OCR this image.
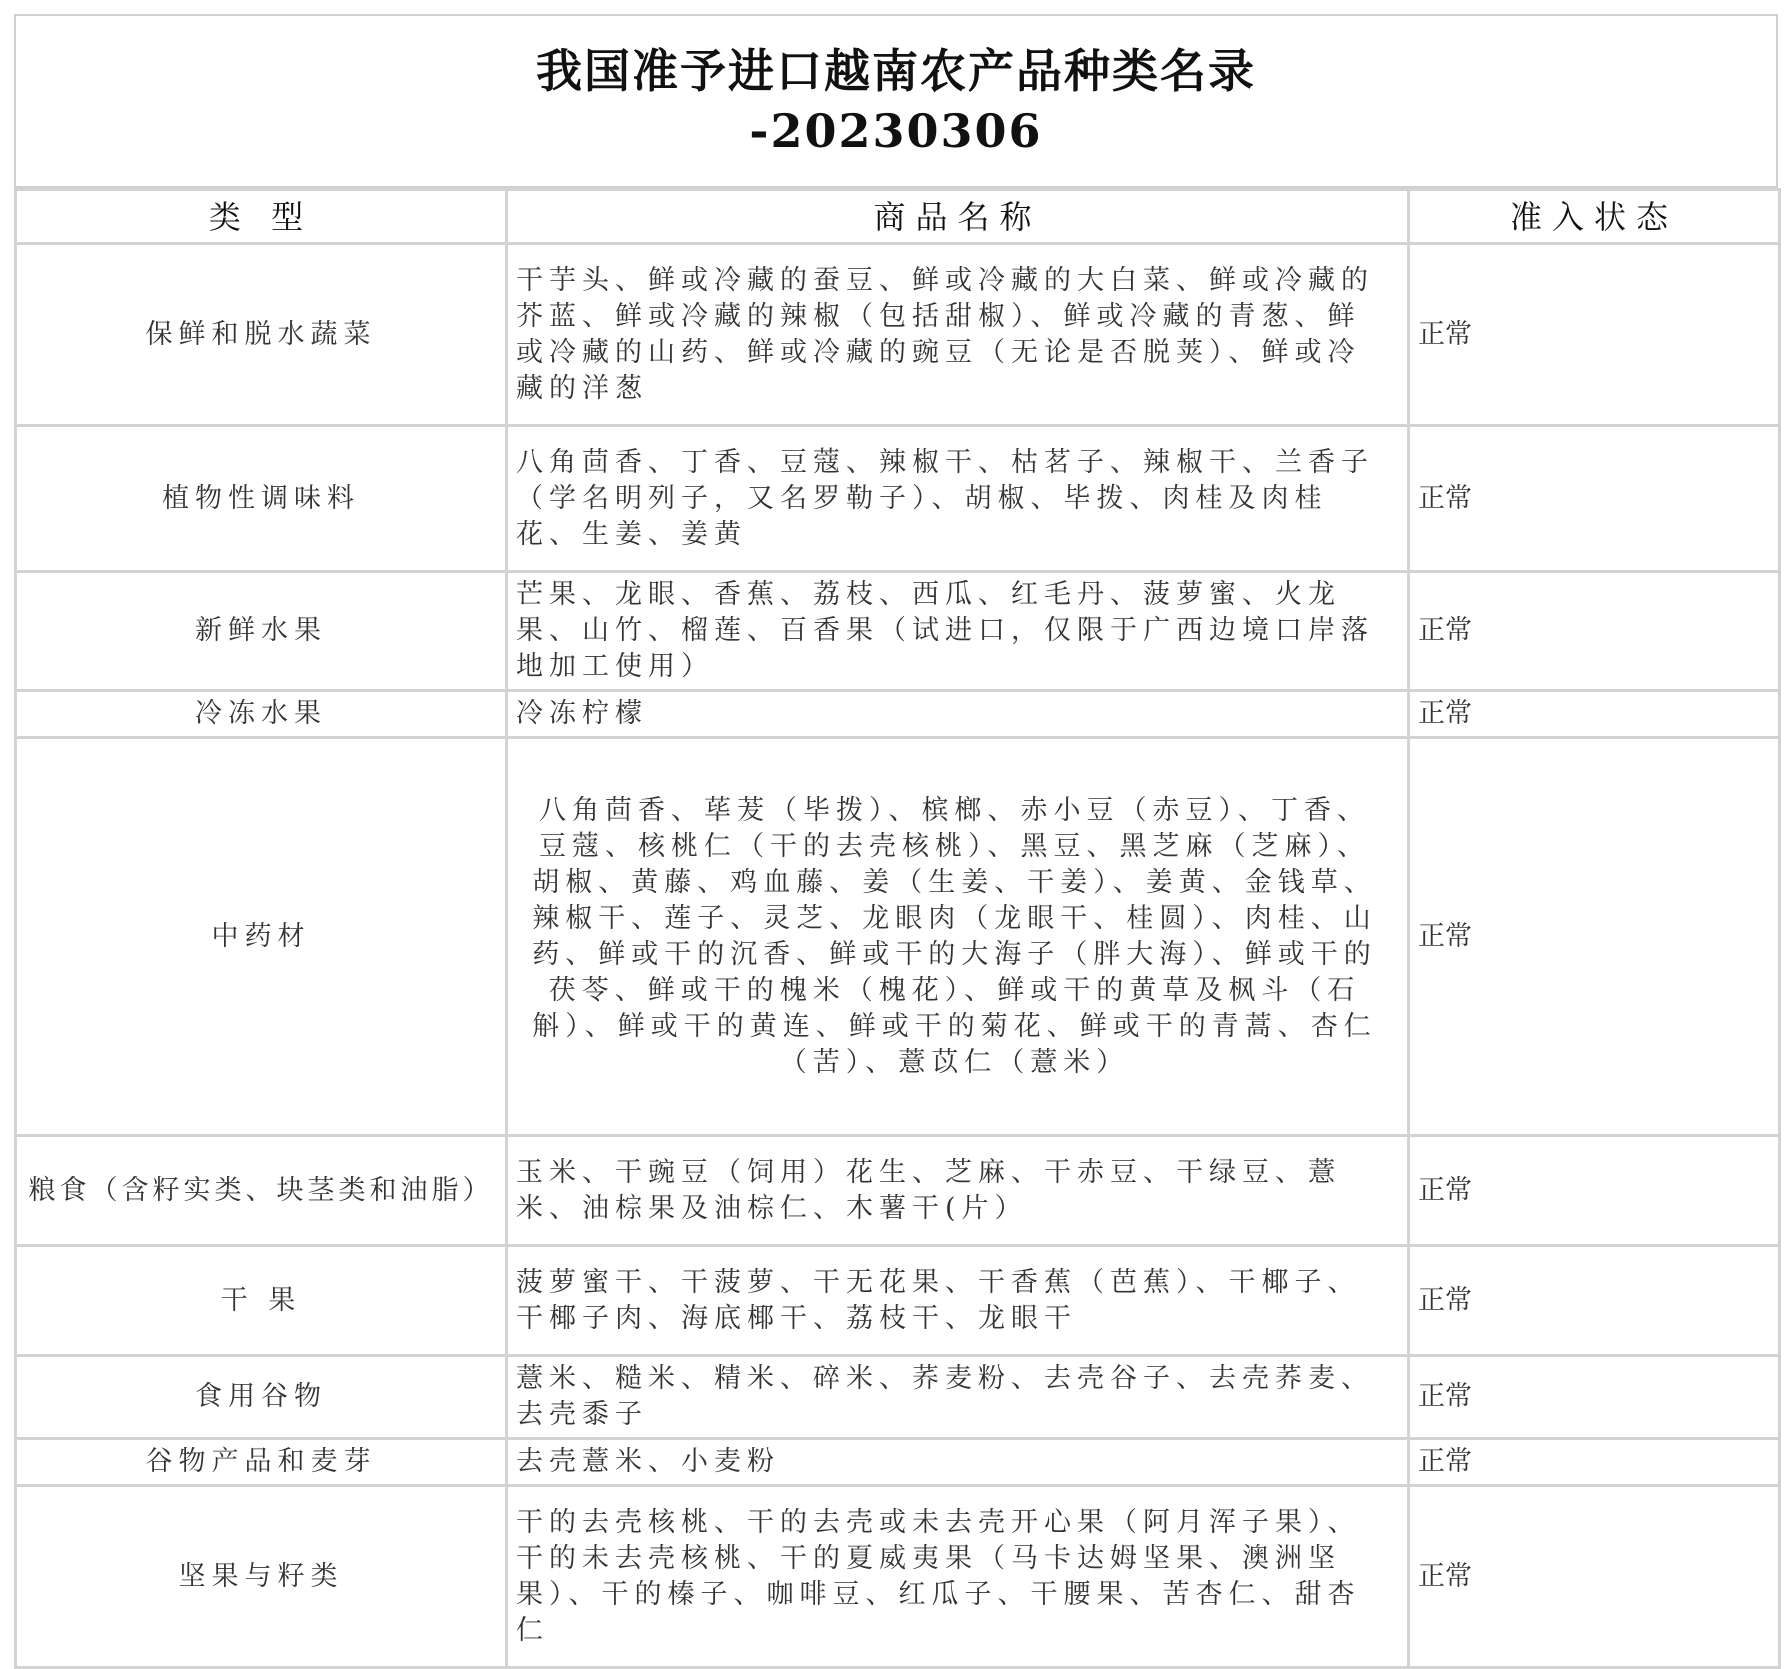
我国准予进口越南农产品种类名录
-20230306
类 型	商品名称	准入状态
保鲜和脱水蔬菜	干芋头、鲜或冷藏的蚕豆、鲜或冷藏的大白菜、鲜或冷藏的芥蓝、鲜或冷藏的辣椒（包括甜椒）、鲜或冷藏的青葱、鲜或冷藏的山药、鲜或冷藏的豌豆（无论是否脱荚）、鲜或冷藏的洋葱	正常
植物性调味料	八角茴香、丁香、豆蔻、辣椒干、枯茗子、辣椒干、兰香子（学名明列子，又名罗勒子）、胡椒、毕拨、肉桂及肉桂花、生姜、姜黄	正常
新鲜水果	芒果、龙眼、香蕉、荔枝、西瓜、红毛丹、菠萝蜜、火龙果、山竹、榴莲、百香果（试进口，仅限于广西边境口岸落地加工使用）	正常
冷冻水果	冷冻柠檬	正常
中药材	八角茴香、荜茇（毕拨）、槟榔、赤小豆（赤豆）、丁香、豆蔻、核桃仁（干的去壳核桃）、黑豆、黑芝麻（芝麻）、胡椒、黄藤、鸡血藤、姜（生姜、干姜）、姜黄、金钱草、辣椒干、莲子、灵芝、龙眼肉（龙眼干、桂圆）、肉桂、山药、鲜或干的沉香、鲜或干的大海子（胖大海）、鲜或干的茯苓、鲜或干的槐米（槐花）、鲜或干的黄草及枫斗（石斛）、鲜或干的黄连、鲜或干的菊花、鲜或干的青蒿、杏仁（苦）、薏苡仁（薏米）	正常
粮食（含籽实类、块茎类和油脂）	玉米、干豌豆（饲用）花生、芝麻、干赤豆、干绿豆、薏米、油棕果及油棕仁、木薯干(片）	正常
干 果	菠萝蜜干、干菠萝、干无花果、干香蕉（芭蕉）、干椰子、干椰子肉、海底椰干、荔枝干、龙眼干	正常
食用谷物	薏米、糙米、精米、碎米、荞麦粉、去壳谷子、去壳荞麦、去壳黍子	正常
谷物产品和麦芽	去壳薏米、小麦粉	正常
坚果与籽类	干的去壳核桃、干的去壳或未去壳开心果（阿月浑子果）、干的未去壳核桃、干的夏威夷果（马卡达姆坚果、澳洲坚果）、干的榛子、咖啡豆、红瓜子、干腰果、苦杏仁、甜杏仁	正常
